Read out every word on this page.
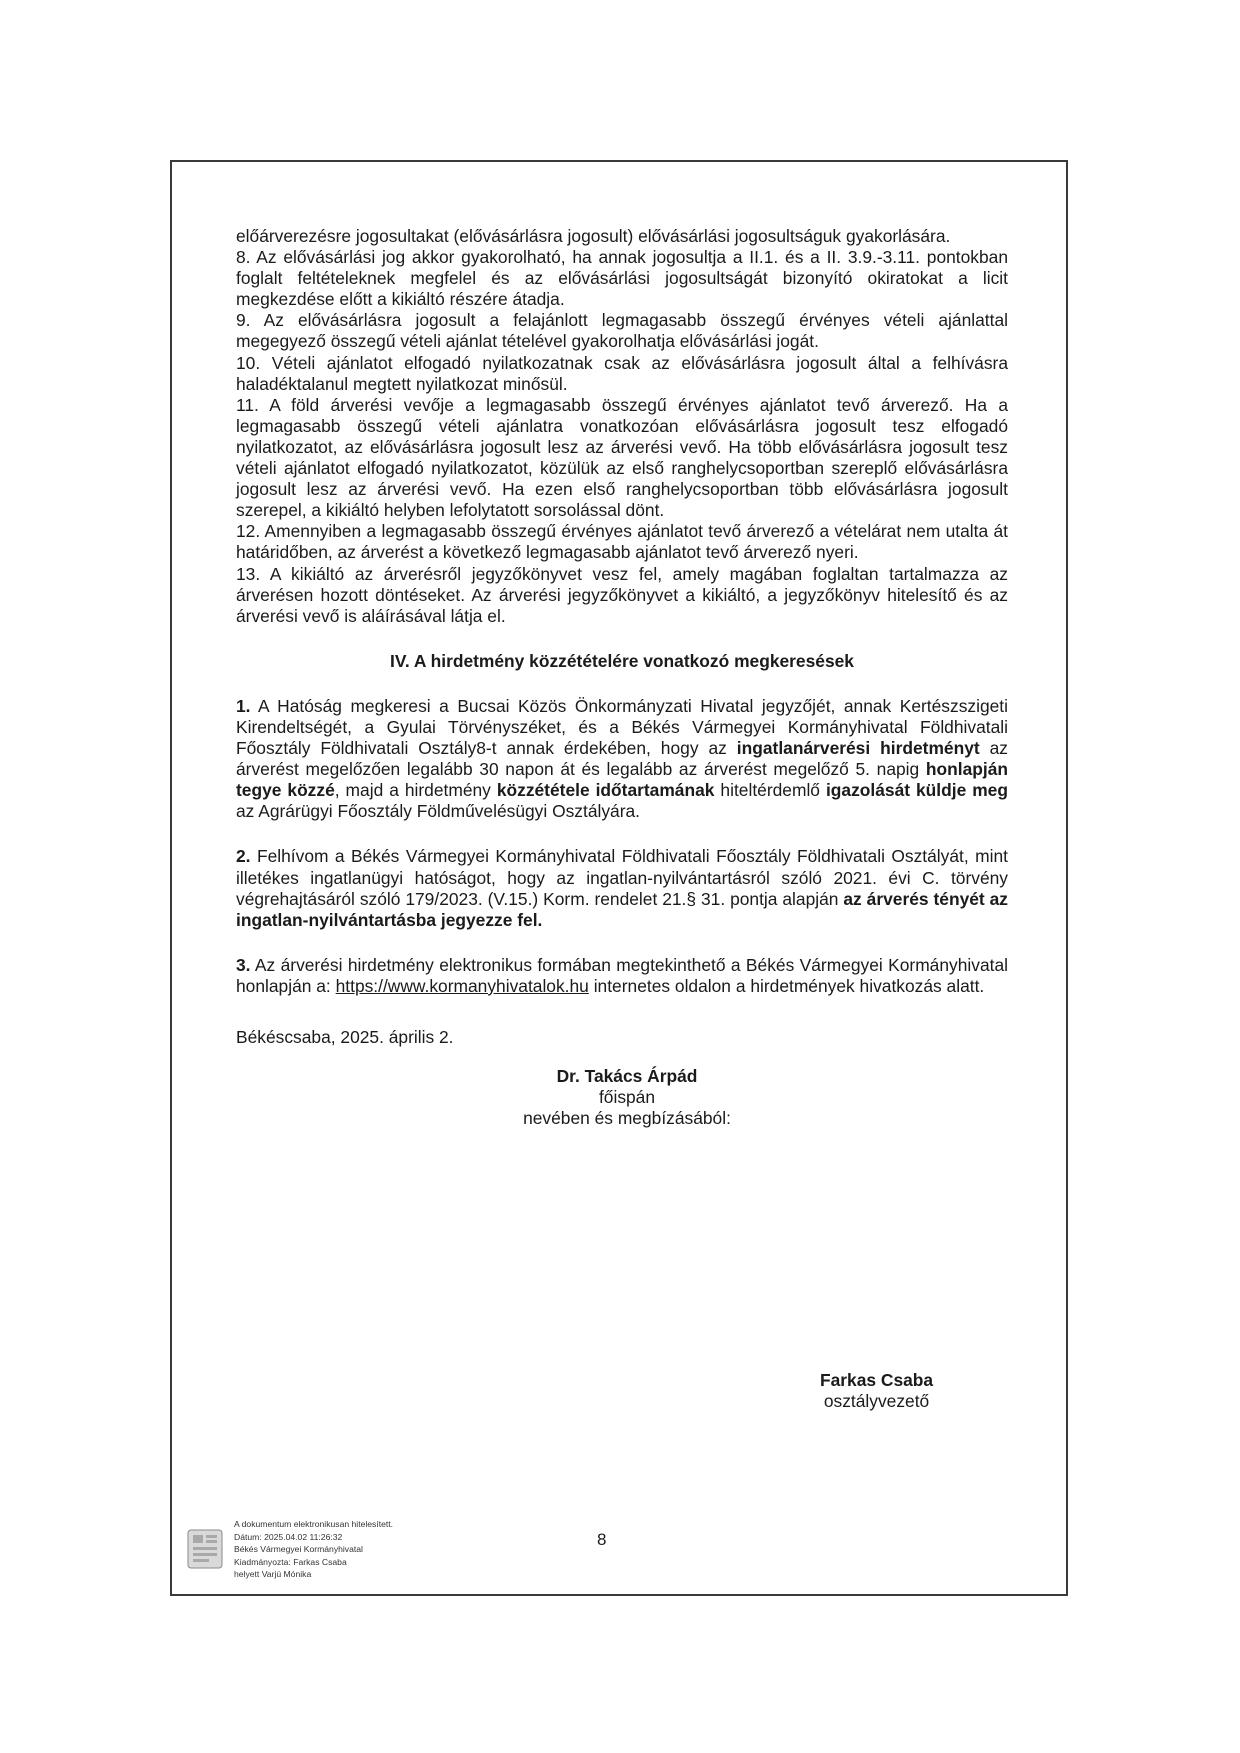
előárverezésre jogosultakat (elővásárlásra jogosult) elővásárlási jogosultságuk gyakorlására.

8. Az elővásárlási jog akkor gyakorolható, ha annak jogosultja a II.1. és a II. 3.9.-3.11. pontokban foglalt feltételeknek megfelel és az elővásárlási jogosultságát bizonyító okiratokat a licit megkezdése előtt a kikiáltó részére átadja.

9. Az elővásárlásra jogosult a felajánlott legmagasabb összegű érvényes vételi ajánlattal megegyező összegű vételi ajánlat tételével gyakorolhatja elővásárlási jogát.

10. Vételi ajánlatot elfogadó nyilatkozatnak csak az elővásárlásra jogosult által a felhívásra haladéktalanul megtett nyilatkozat minősül.

11. A föld árverési vevője a legmagasabb összegű érvényes ajánlatot tevő árverező. Ha a legmagasabb összegű vételi ajánlatra vonatkozóan elővásárlásra jogosult tesz elfogadó nyilatkozatot, az elővásárlásra jogosult lesz az árverési vevő. Ha több elővásárlásra jogosult tesz vételi ajánlatot elfogadó nyilatkozatot, közülük az első ranghelycsoportban szereplő elővásárlásra jogosult lesz az árverési vevő. Ha ezen első ranghelycsoportban több elővásárlásra jogosult szerepel, a kikiáltó helyben lefolytatott sorsolással dönt.

12. Amennyiben a legmagasabb összegű érvényes ajánlatot tevő árverező a vételárat nem utalta át határidőben, az árverést a következő legmagasabb ajánlatot tevő árverező nyeri.

13. A kikiáltó az árverésről jegyzőkönyvet vesz fel, amely magában foglaltan tartalmazza az árverésen hozott döntéseket. Az árverési jegyzőkönyvet a kikiáltó, a jegyzőkönyv hitelesítő és az árverési vevő is aláírásával látja el.

IV. A hirdetmény közzétételére vonatkozó megkeresések

1. A Hatóság megkeresi a Bucsai Közös Önkormányzati Hivatal jegyzőjét, annak Kertészszigeti Kirendeltségét, a Gyulai Törvényszéket, és a Békés Vármegyei Kormányhivatal Földhivatali Főosztály Földhivatali Osztály8-t annak érdekében, hogy az ingatlanárverési hirdetményt az árverést megelőzően legalább 30 napon át és legalább az árverést megelőző 5. napig honlapján tegye közzé, majd a hirdetmény közzététele időtartamának hiteltérdemlő igazolását küldje meg az Agrárügyi Főosztály Földművelésügyi Osztályára.

2. Felhívom a Békés Vármegyei Kormányhivatal Földhivatali Főosztály Földhivatali Osztályát, mint illetékes ingatlanügyi hatóságot, hogy az ingatlan-nyilvántartásról szóló 2021. évi C. törvény végrehajtásáról szóló 179/2023. (V.15.) Korm. rendelet 21.§ 31. pontja alapján az árverés tényét az ingatlan-nyilvántartásba jegyezze fel.

3. Az árverési hirdetmény elektronikus formában megtekinthető a Békés Vármegyei Kormányhivatal honlapján a: https://www.kormanyhivatalok.hu internetes oldalon a hirdetmények hivatkozás alatt.

Békéscsaba, 2025. április 2.

Dr. Takács Árpád

főispán

nevében és megbízásából:

Farkas Csaba
osztályvezető
A dokumentum elektronikusan hitelesített.
Dátum: 2025.04.02 11:26:32
Békés Vármegyei Kormányhivatal
Kiadmányozta: Farkas Csaba
helyett Varjú Mónika
8
